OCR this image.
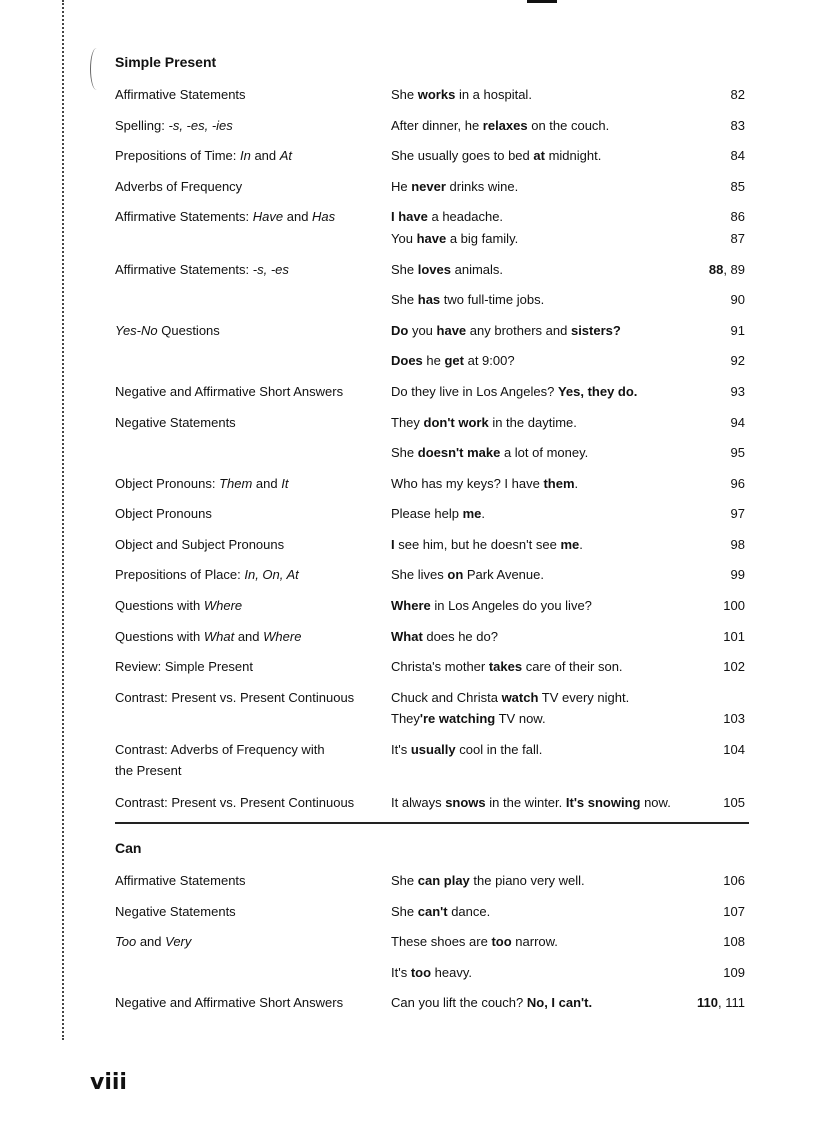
Simple Present
Affirmative Statements	She works in a hospital.	82
Spelling: -s, -es, -ies	After dinner, he relaxes on the couch.	83
Prepositions of Time: In and At	She usually goes to bed at midnight.	84
Adverbs of Frequency	He never drinks wine.	85
Affirmative Statements: Have and Has	I have a headache.	86
You have a big family.	87
Affirmative Statements: -s, -es	She loves animals.	88, 89
She has two full-time jobs.	90
Yes-No Questions	Do you have any brothers and sisters?	91
Does he get at 9:00?	92
Negative and Affirmative Short Answers	Do they live in Los Angeles? Yes, they do.	93
Negative Statements	They don't work in the daytime.	94
She doesn't make a lot of money.	95
Object Pronouns: Them and It	Who has my keys? I have them.	96
Object Pronouns	Please help me.	97
Object and Subject Pronouns	I see him, but he doesn't see me.	98
Prepositions of Place: In, On, At	She lives on Park Avenue.	99
Questions with Where	Where in Los Angeles do you live?	100
Questions with What and Where	What does he do?	101
Review: Simple Present	Christa's mother takes care of their son.	102
Contrast: Present vs. Present Continuous	Chuck and Christa watch TV every night.
They're watching TV now.	103
Contrast: Adverbs of Frequency with	It's usually cool in the fall.	104
the Present
Contrast: Present vs. Present Continuous	It always snows in the winter. It's snowing now.	105
Can
Affirmative Statements	She can play the piano very well.	106
Negative Statements	She can't dance.	107
Too and Very	These shoes are too narrow.	108
It's too heavy.	109
Negative and Affirmative Short Answers	Can you lift the couch? No, I can't.	110, 111
viii
